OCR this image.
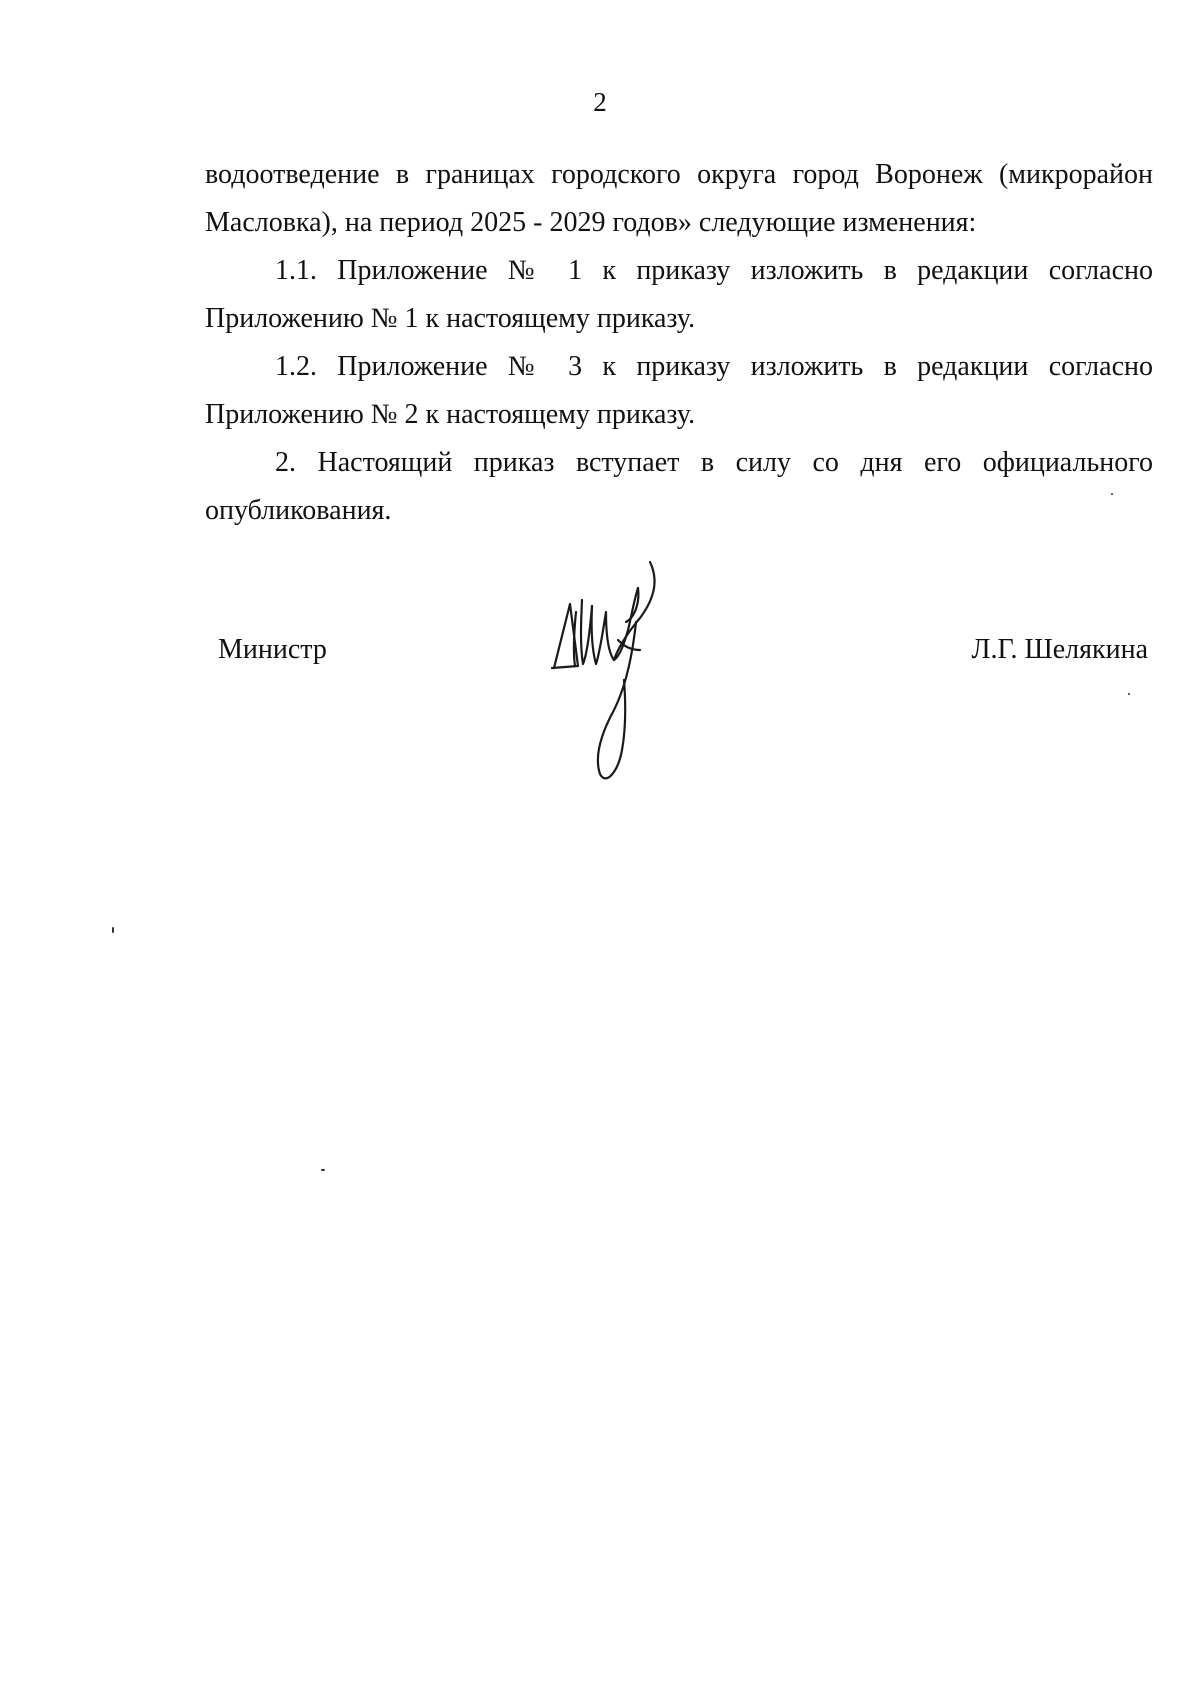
2

водоотведение в границах городского округа город Воронеж (микрорайон Масловка), на период 2025 - 2029 годов» следующие изменения:

1.1. Приложение № 1 к приказу изложить в редакции согласно Приложению № 1 к настоящему приказу.

1.2. Приложение № 3 к приказу изложить в редакции согласно Приложению № 2 к настоящему приказу.

2. Настоящий приказ вступает в силу со дня его официального опубликования.

Министр	Л.Г. Шелякина
